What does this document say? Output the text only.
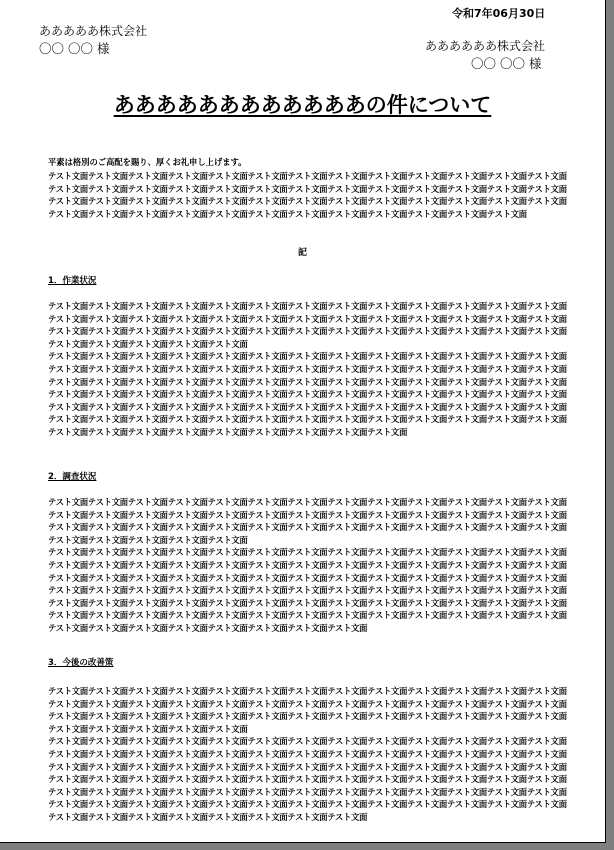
令和7年06月30日
あああああ株式会社
〇〇 〇〇 様	ああああああ株式会社
〇〇 〇〇 様
ああああああああああああの件について
平素は格別のご高配を賜り、厚くお礼申し上げます。
テスト文面テスト文面テスト文面テスト文面テスト文面テスト文面テスト文面テスト文面テスト文面テスト文面テスト文面テスト文面テスト文面テスト文面テスト文面テスト文面テスト文面テスト文面テスト文面テスト文面テスト文面テスト文面テスト文面テスト文面テスト文面テスト文面テスト文面テスト文面テスト文面テスト文面テスト文面テスト文面テスト文面テスト文面テスト文面テスト文面テスト文面テスト文面テスト文面テスト文面テスト文面テスト文面テスト文面テスト文面テスト文面テスト文面テスト文面テスト文面テスト文面テスト文面テスト文面
記
1．作業状況

テスト文面テスト文面テスト文面テスト文面テスト文面テスト文面テスト文面テスト文面テスト文面テスト文面テスト文面テスト文面テスト文面テスト文面テスト文面テスト文面テスト文面テスト文面テスト文面テスト文面テスト文面テスト文面テスト文面テスト文面テスト文面テスト文面テスト文面テスト文面テスト文面テスト文面テスト文面テスト文面テスト文面テスト文面テスト文面テスト文面テスト文面テスト文面テスト文面テスト文面テスト文面テスト文面テスト文面テスト文面

テスト文面テスト文面テスト文面テスト文面テスト文面テスト文面テスト文面テスト文面テスト文面テスト文面テスト文面テスト文面テスト文面テスト文面テスト文面テスト文面テスト文面テスト文面テスト文面テスト文面テスト文面テスト文面テスト文面テスト文面テスト文面テスト文面テスト文面テスト文面テスト文面テスト文面テスト文面テスト文面テスト文面テスト文面テスト文面テスト文面テスト文面テスト文面テスト文面テスト文面テスト文面テスト文面テスト文面テスト文面テスト文面テスト文面テスト文面テスト文面テスト文面テスト文面テスト文面テスト文面テスト文面テスト文面テスト文面テスト文面テスト文面テスト文面テスト文面テスト文面テスト文面テスト文面テスト文面テスト文面テスト文面テスト文面テスト文面テスト文面テスト文面テスト文面テスト文面テスト文面テスト文面テスト文面テスト文面テスト文面テスト文面テスト文面テスト文面テスト文面テスト文面テスト文面テスト文面テスト文面テスト文面テスト文面テスト文面

2．調査状況

テスト文面テスト文面テスト文面テスト文面テスト文面テスト文面テスト文面テスト文面テスト文面テスト文面テスト文面テスト文面テスト文面テスト文面テスト文面テスト文面テスト文面テスト文面テスト文面テスト文面テスト文面テスト文面テスト文面テスト文面テスト文面テスト文面テスト文面テスト文面テスト文面テスト文面テスト文面テスト文面テスト文面テスト文面テスト文面テスト文面テスト文面テスト文面テスト文面テスト文面テスト文面テスト文面テスト文面テスト文面

テスト文面テスト文面テスト文面テスト文面テスト文面テスト文面テスト文面テスト文面テスト文面テスト文面テスト文面テスト文面テスト文面テスト文面テスト文面テスト文面テスト文面テスト文面テスト文面テスト文面テスト文面テスト文面テスト文面テスト文面テスト文面テスト文面テスト文面テスト文面テスト文面テスト文面テスト文面テスト文面テスト文面テスト文面テスト文面テスト文面テスト文面テスト文面テスト文面テスト文面テスト文面テスト文面テスト文面テスト文面テスト文面テスト文面テスト文面テスト文面テスト文面テスト文面テスト文面テスト文面テスト文面テスト文面テスト文面テスト文面テスト文面テスト文面テスト文面テスト文面テスト文面テスト文面テスト文面テスト文面テスト文面テスト文面テスト文面テスト文面テスト文面テスト文面テスト文面テスト文面テスト文面テスト文面テスト文面テスト文面テスト文面テスト文面テスト文面テスト文面テスト文面テスト文面テスト文面テスト文面テスト文面テスト文面

3．今後の改善策

テスト文面テスト文面テスト文面テスト文面テスト文面テスト文面テスト文面テスト文面テスト文面テスト文面テスト文面テスト文面テスト文面テスト文面テスト文面テスト文面テスト文面テスト文面テスト文面テスト文面テスト文面テスト文面テスト文面テスト文面テスト文面テスト文面テスト文面テスト文面テスト文面テスト文面テスト文面テスト文面テスト文面テスト文面テスト文面テスト文面テスト文面テスト文面テスト文面テスト文面テスト文面テスト文面テスト文面テスト文面

テスト文面テスト文面テスト文面テスト文面テスト文面テスト文面テスト文面テスト文面テスト文面テスト文面テスト文面テスト文面テスト文面テスト文面テスト文面テスト文面テスト文面テスト文面テスト文面テスト文面テスト文面テスト文面テスト文面テスト文面テスト文面テスト文面テスト文面テスト文面テスト文面テスト文面テスト文面テスト文面テスト文面テスト文面テスト文面テスト文面テスト文面テスト文面テスト文面テスト文面テスト文面テスト文面テスト文面テスト文面テスト文面テスト文面テスト文面テスト文面テスト文面テスト文面テスト文面テスト文面テスト文面テスト文面テスト文面テスト文面テスト文面テスト文面テスト文面テスト文面テスト文面テスト文面テスト文面テスト文面テスト文面テスト文面テスト文面テスト文面テスト文面テスト文面テスト文面テスト文面テスト文面テスト文面テスト文面テスト文面テスト文面テスト文面テスト文面テスト文面テスト文面テスト文面テスト文面テスト文面テスト文面テスト文面
